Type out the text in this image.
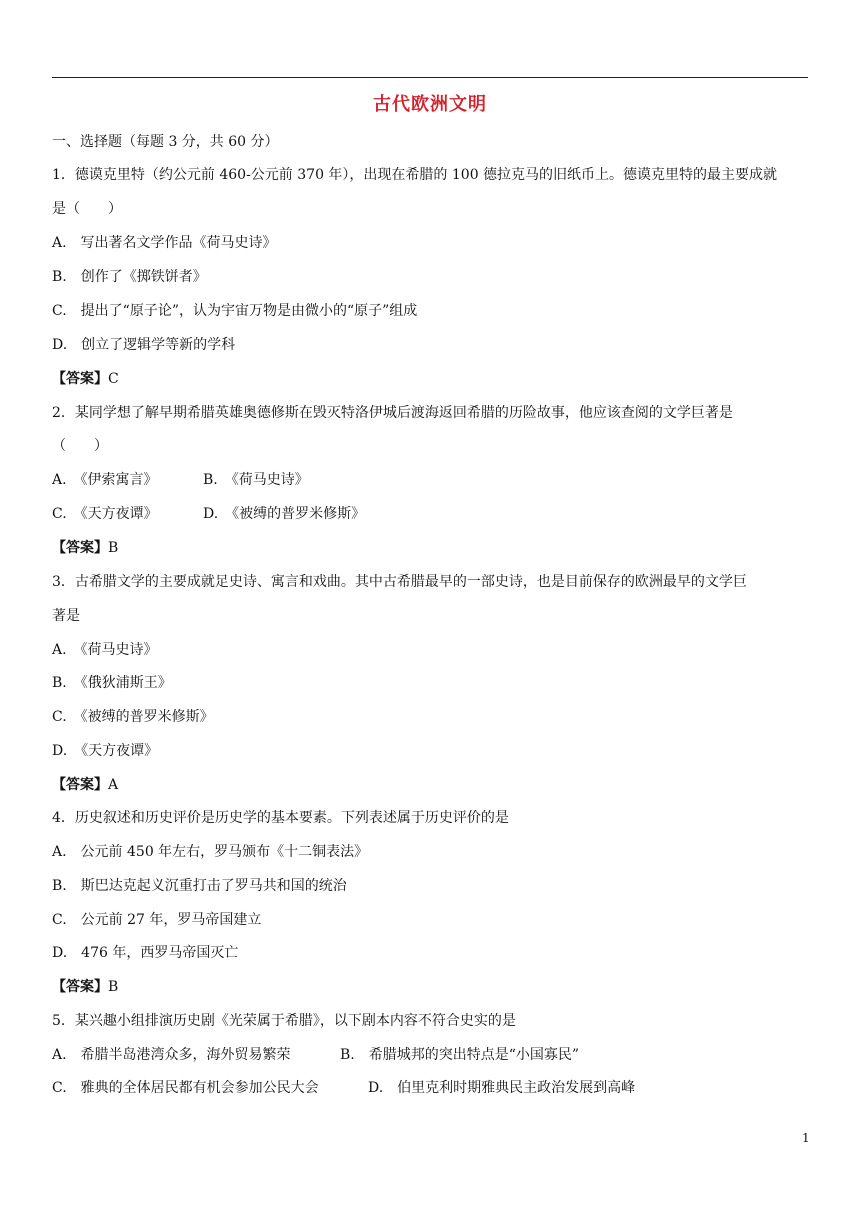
古代欧洲文明
一、选择题（每题 3 分，共 60 分）
1．德谟克里特（约公元前 460-公元前 370 年），出现在希腊的 100 德拉克马的旧纸币上。德谟克里特的最主要成就
是（　　）
A.　写出著名文学作品《荷马史诗》
B.　创作了《掷铁饼者》
C.　提出了“原子论”，认为宇宙万物是由微小的“原子”组成
D.　创立了逻辑学等新的学科
【答案】C
2．某同学想了解早期希腊英雄奥德修斯在毁灭特洛伊城后渡海返回希腊的历险故事，他应该查阅的文学巨著是
（　　）
A.　《伊索寓言》	B.　《荷马史诗》
C.　《天方夜谭》	D.　《被缚的普罗米修斯》
【答案】B
3．古希腊文学的主要成就足史诗、寓言和戏曲。其中古希腊最早的一部史诗，也是目前保存的欧洲最早的文学巨
著是
A.　《荷马史诗》
B.　《俄狄浦斯王》
C.　《被缚的普罗米修斯》
D.　《天方夜谭》
【答案】A
4．历史叙述和历史评价是历史学的基本要素。下列表述属于历史评价的是
A.　公元前 450 年左右，罗马颁布《十二铜表法》
B.　斯巴达克起义沉重打击了罗马共和国的统治
C.　公元前 27 年，罗马帝国建立
D.　476 年，西罗马帝国灭亡
【答案】B
5．某兴趣小组排演历史剧《光荣属于希腊》，以下剧本内容不符合史实的是
A.　希腊半岛港湾众多，海外贸易繁荣	B.　希腊城邦的突出特点是“小国寡民”
C.　雅典的全体居民都有机会参加公民大会	D.　伯里克利时期雅典民主政治发展到高峰
1
